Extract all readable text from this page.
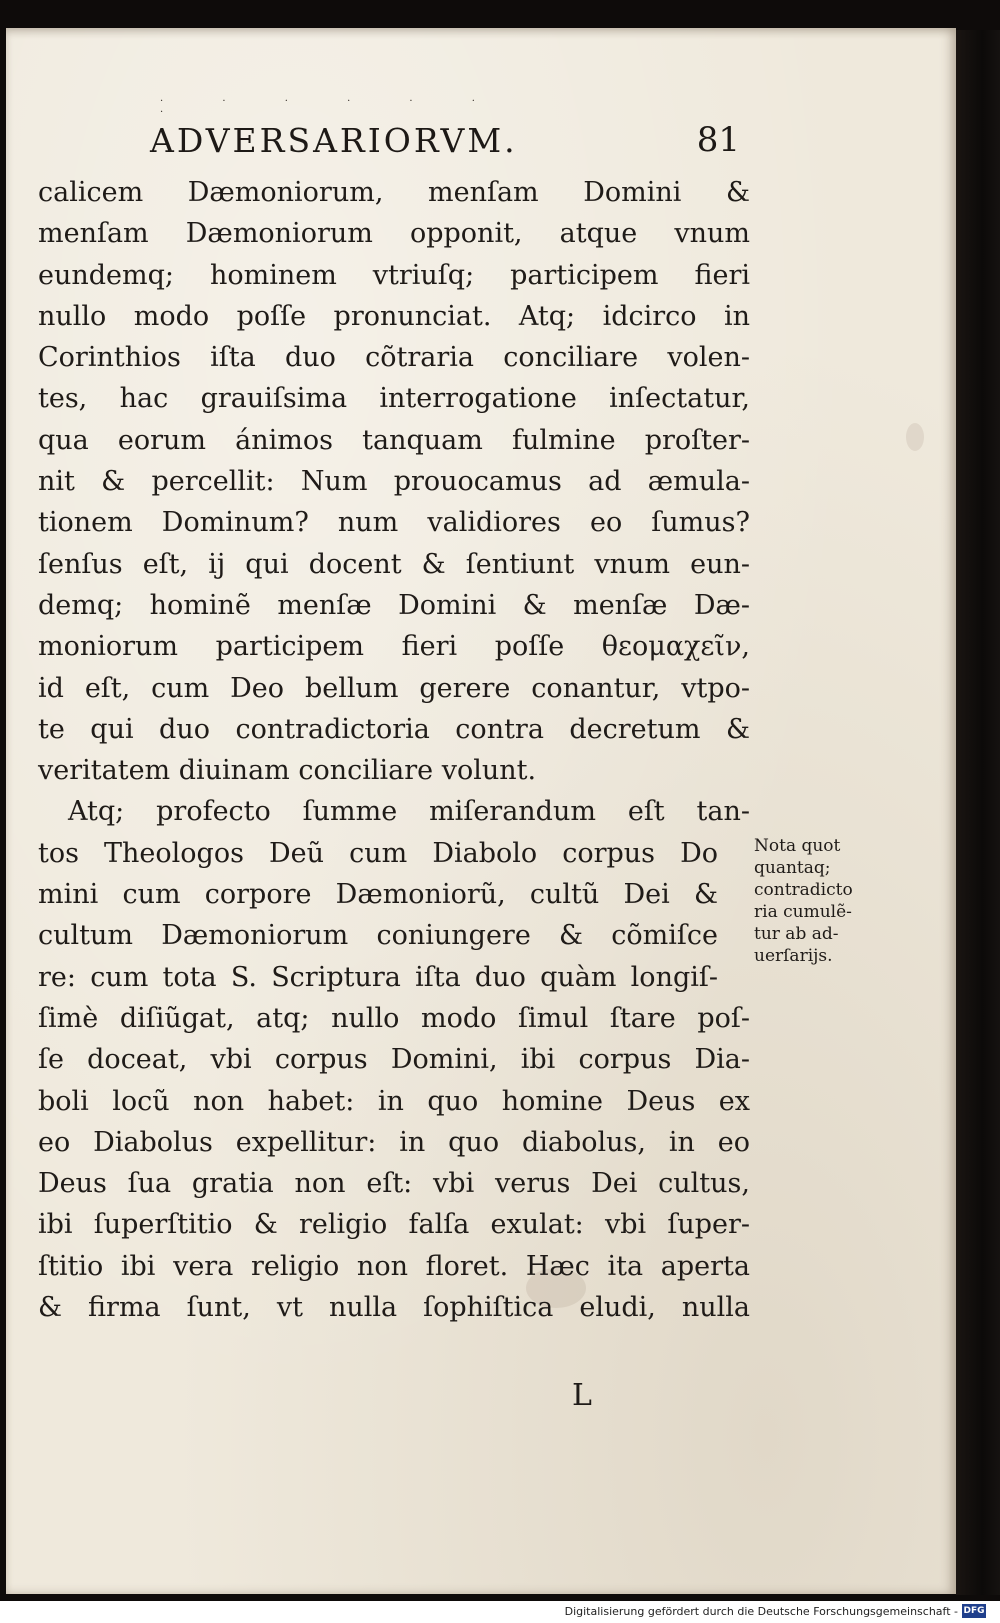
· · · · · · ·
ADVERSARIORVM.	81
calicem Dæmoniorum, menſam Domini &
menſam Dæmoniorum opponit, atque vnum
eundemq; hominem vtriuſq; participem fieri
nullo modo poſſe pronunciat. Atq; idcirco in
Corinthios iſta duo cõtraria conciliare volen-
tes, hac grauiſsima interrogatione inſectatur,
qua eorum ánimos tanquam fulmine proſter-
nit & percellit: Num prouocamus ad æmula-
tionem Dominum? num validiores eo ſumus?
ſenſus eſt, ij qui docent & ſentiunt vnum eun-
demq; hominẽ menſæ Domini & menſæ Dæ-
moniorum participem fieri poſſe θεομαχεῖν,
id eſt, cum Deo bellum gerere conantur, vtpo-
te qui duo contradictoria contra decretum &
veritatem diuinam conciliare volunt.
Atq; profecto ſumme miſerandum eſt tan-
tos Theologos Deũ cum Diabolo corpus Do
mini cum corpore Dæmoniorũ, cultũ Dei &
cultum Dæmoniorum coniungere & cõmiſce
re: cum tota S. Scriptura iſta duo quàm longiſ-
ſimè diſiũgat, atq; nullo modo ſimul ſtare poſ-
ſe doceat, vbi corpus Domini, ibi corpus Dia-
boli locũ non habet: in quo homine Deus ex
eo Diabolus expellitur: in quo diabolus, in eo
Deus ſua gratia non eſt: vbi verus Dei cultus,
ibi ſuperſtitio & religio falſa exulat: vbi ſuper-
ſtitio ibi vera religio non floret. Hæc ita aperta
& firma ſunt, vt nulla ſophiſtica eludi, nulla
Nota quot
quantaq;
contradicto
ria cumulẽ-
tur ab ad-
uerſarijs.
L
Digitalisierung gefördert durch die Deutsche Forschungsgemeinschaft - DFG
